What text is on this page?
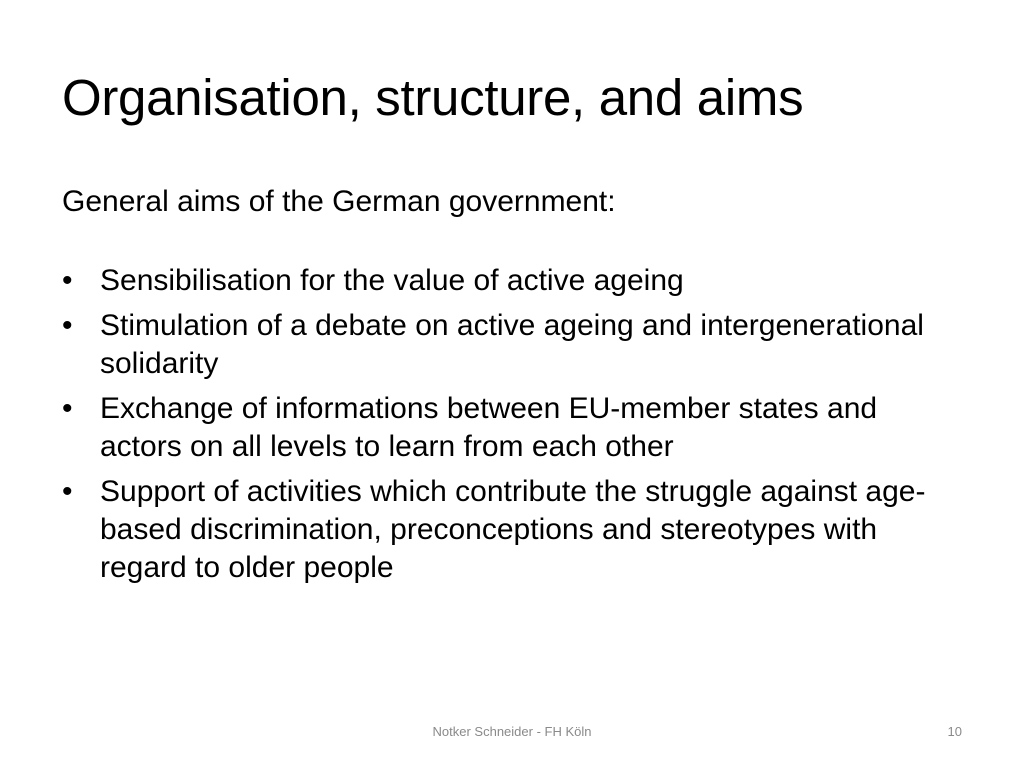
Organisation, structure, and aims

General aims of the German government:

• Sensibilisation for the value of active ageing
• Stimulation of a debate on active ageing and intergenerational solidarity
• Exchange of informations between EU-member states and actors on all levels to learn from each other
• Support of activities which contribute the struggle against age-based discrimination, preconceptions and stereotypes with regard to older people
Notker Schneider - FH Köln	10
